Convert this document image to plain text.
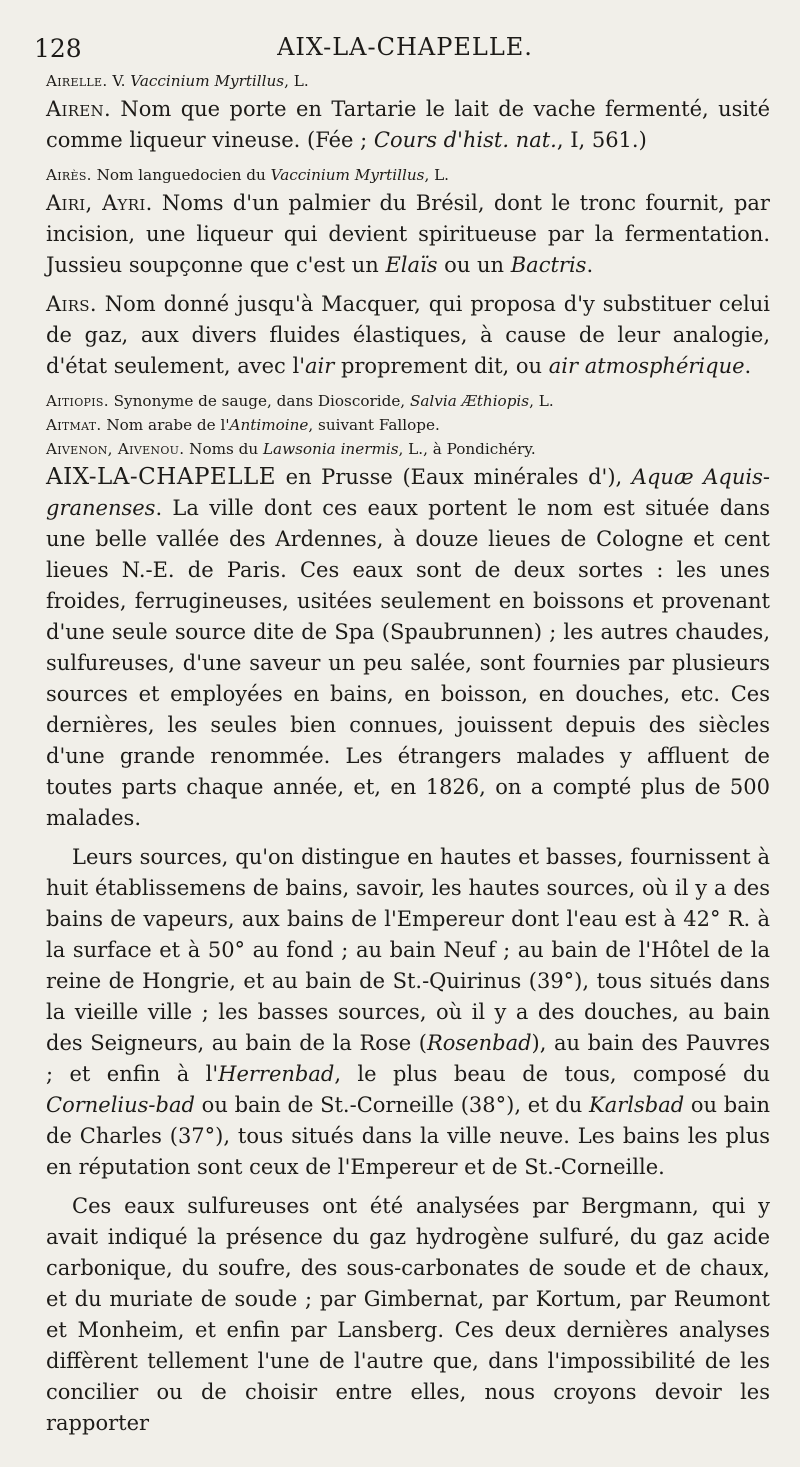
128	AIX-LA-CHAPELLE.

Airelle. V. Vaccinium Myrtillus, L.

Airen. Nom que porte en Tartarie le lait de vache fermenté, usité comme liqueur vineuse. (Fée ; Cours d'hist. nat., I, 561.)

Airès. Nom languedocien du Vaccinium Myrtillus, L.

Airi, Ayri. Noms d'un palmier du Brésil, dont le tronc fournit, par incision, une liqueur qui devient spiritueuse par la fermentation. Jussieu soupçonne que c'est un Elaïs ou un Bactris.

Airs. Nom donné jusqu'à Macquer, qui proposa d'y substituer celui de gaz, aux divers fluides élastiques, à cause de leur analogie, d'état seulement, avec l'air proprement dit, ou air atmosphérique.

Aitiopis. Synonyme de sauge, dans Dioscoride, Salvia Æthiopis, L.

Aitmat. Nom arabe de l'Antimoine, suivant Fallope.

Aivenon, Aivenou. Noms du Lawsonia inermis, L., à Pondichéry.

AIX-LA-CHAPELLE en Prusse (Eaux minérales d'), Aquæ Aquis-granenses. La ville dont ces eaux portent le nom est située dans une belle vallée des Ardennes, à douze lieues de Cologne et cent lieues N.-E. de Paris. Ces eaux sont de deux sortes : les unes froides, ferrugineuses, usitées seulement en boissons et provenant d'une seule source dite de Spa (Spaubrunnen) ; les autres chaudes, sulfureuses, d'une saveur un peu salée, sont fournies par plusieurs sources et employées en bains, en boisson, en douches, etc. Ces dernières, les seules bien connues, jouissent depuis des siècles d'une grande renommée. Les étrangers malades y affluent de toutes parts chaque année, et, en 1826, on a compté plus de 500 malades.

Leurs sources, qu'on distingue en hautes et basses, fournissent à huit établissemens de bains, savoir, les hautes sources, où il y a des bains de vapeurs, aux bains de l'Empereur dont l'eau est à 42° R. à la surface et à 50° au fond ; au bain Neuf ; au bain de l'Hôtel de la reine de Hongrie, et au bain de St.-Quirinus (39°), tous situés dans la vieille ville ; les basses sources, où il y a des douches, au bain des Seigneurs, au bain de la Rose (Rosenbad), au bain des Pauvres ; et enfin à l'Herrenbad, le plus beau de tous, composé du Cornelius-bad ou bain de St.-Corneille (38°), et du Karlsbad ou bain de Charles (37°), tous situés dans la ville neuve. Les bains les plus en réputation sont ceux de l'Empereur et de St.-Corneille.

Ces eaux sulfureuses ont été analysées par Bergmann, qui y avait indiqué la présence du gaz hydrogène sulfuré, du gaz acide carbonique, du soufre, des sous-carbonates de soude et de chaux, et du muriate de soude ; par Gimbernat, par Kortum, par Reumont et Monheim, et enfin par Lansberg. Ces deux dernières analyses diffèrent tellement l'une de l'autre que, dans l'impossibilité de les concilier ou de choisir entre elles, nous croyons devoir les rapporter
